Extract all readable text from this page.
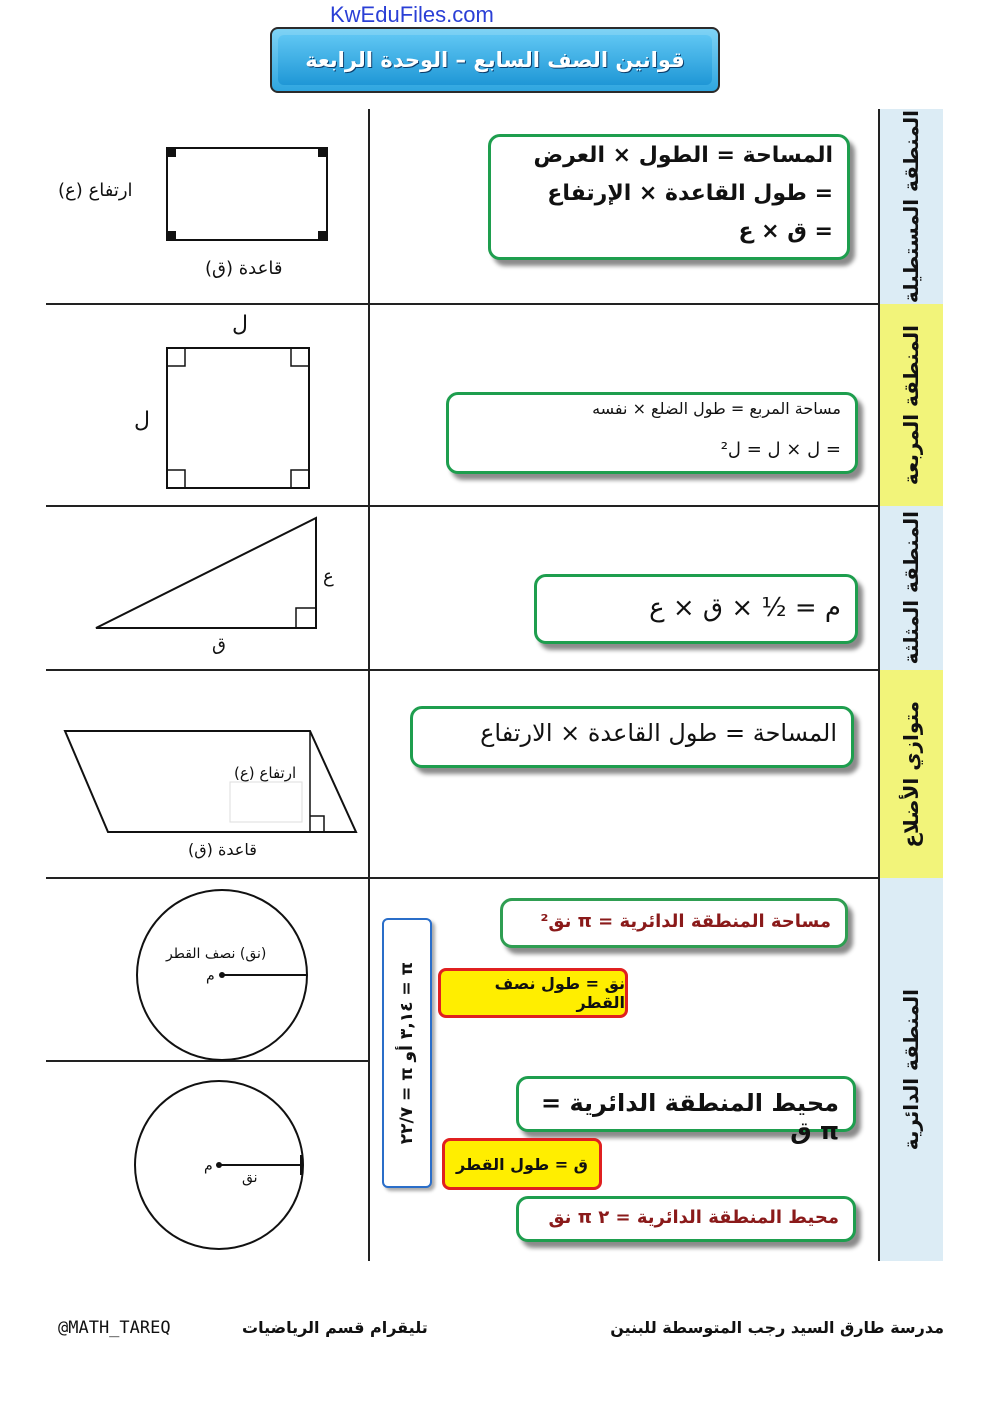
KwEduFiles.com
قوانين الصف السابع – الوحدة الرابعة
المنطقة المستطيلة
المنطقة المربعة
المنطقة المثلثة
متوازي الأضلاع
المنطقة الدائرية
المساحة = الطول × العرض
= طول القاعدة × الإرتفاع
= ق × ع
ارتفاع (ع)
قاعدة (ق)
مساحة المربع = طول الضلع × نفسه
= ل × ل = ل²
ل
ل
م = ½ × ق × ع
ع
ق
المساحة = طول القاعدة × الارتفاع
ارتفاع (ع)
قاعدة (ق)
مساحة المنطقة الدائرية = π نق²
نق = طول نصف القطر
محيط المنطقة الدائرية = π ق
ق = طول القطر
محيط المنطقة الدائرية = ٢ π نق
π = ٣,١٤ أو π = ٢٢/٧
(نق) نصف القطر
م
م
نق
مدرسة طارق السيد رجب المتوسطة للبنين
تليقرام قسم الرياضيات
@MATH_TAREQ
